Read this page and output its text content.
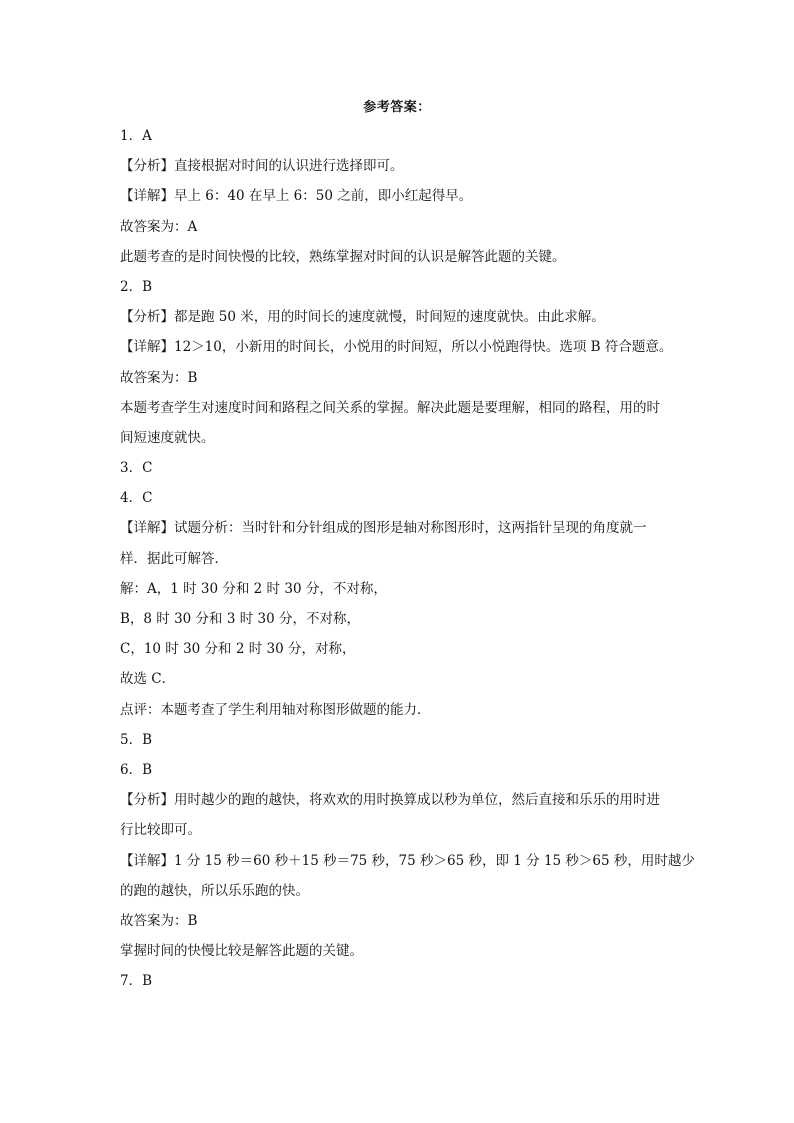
参考答案：
1．A
【分析】直接根据对时间的认识进行选择即可。
【详解】早上 6：40 在早上 6：50 之前，即小红起得早。
故答案为：A
此题考查的是时间快慢的比较，熟练掌握对时间的认识是解答此题的关键。
2．B
【分析】都是跑 50 米，用的时间长的速度就慢，时间短的速度就快。由此求解。
【详解】12＞10，小新用的时间长，小悦用的时间短，所以小悦跑得快。选项 B 符合题意。
故答案为：B
本题考查学生对速度时间和路程之间关系的掌握。解决此题是要理解，相同的路程，用的时
间短速度就快。
3．C
4．C
【详解】试题分析：当时针和分针组成的图形是轴对称图形时，这两指针呈现的角度就一
样．据此可解答．
解：A，1 时 30 分和 2 时 30 分，不对称，
B，8 时 30 分和 3 时 30 分，不对称，
C，10 时 30 分和 2 时 30 分，对称，
故选 C．
点评：本题考查了学生利用轴对称图形做题的能力．
5．B
6．B
【分析】用时越少的跑的越快，将欢欢的用时换算成以秒为单位，然后直接和乐乐的用时进
行比较即可。
【详解】1 分 15 秒＝60 秒＋15 秒＝75 秒，75 秒＞65 秒，即 1 分 15 秒＞65 秒，用时越少
的跑的越快，所以乐乐跑的快。
故答案为：B
掌握时间的快慢比较是解答此题的关键。
7．B
